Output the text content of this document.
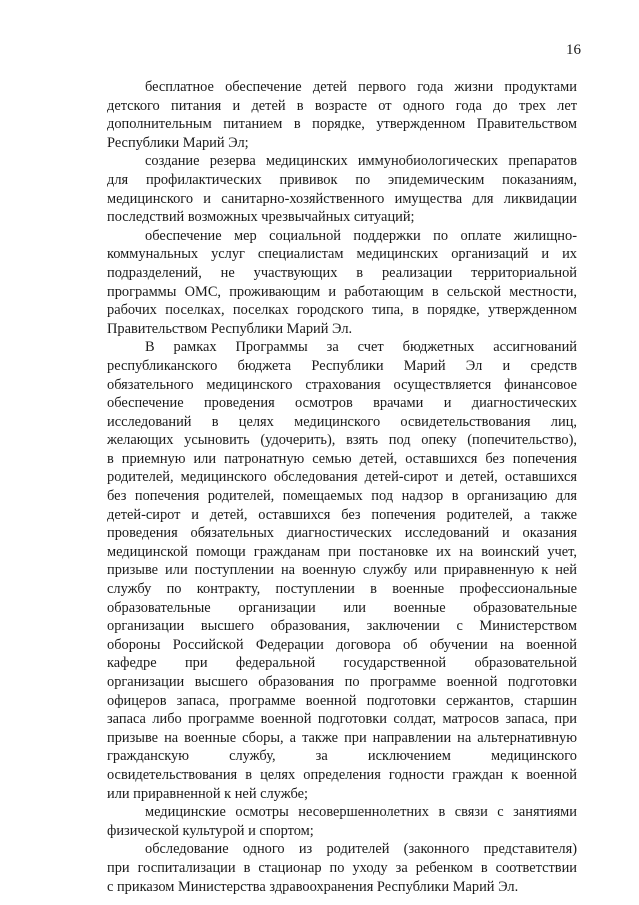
16
бесплатное обеспечение детей первого года жизни продуктами
детского питания и детей в возрасте от одного года до трех лет
дополнительным питанием в порядке, утвержденном Правительством
Республики Марий Эл;
создание резерва медицинских иммунобиологических препаратов
для профилактических прививок по эпидемическим показаниям,
медицинского и санитарно-хозяйственного имущества для ликвидации
последствий возможных чрезвычайных ситуаций;
обеспечение мер социальной поддержки по оплате жилищно-
коммунальных услуг специалистам медицинских организаций и их
подразделений, не участвующих в реализации территориальной
программы ОМС, проживающим и работающим в сельской местности,
рабочих поселках, поселках городского типа, в порядке, утвержденном
Правительством Республики Марий Эл.
В рамках Программы за счет бюджетных ассигнований
республиканского бюджета Республики Марий Эл и средств
обязательного медицинского страхования осуществляется финансовое
обеспечение проведения осмотров врачами и диагностических
исследований в целях медицинского освидетельствования лиц,
желающих усыновить (удочерить), взять под опеку (попечительство),
в приемную или патронатную семью детей, оставшихся без попечения
родителей, медицинского обследования детей-сирот и детей, оставшихся
без попечения родителей, помещаемых под надзор в организацию для
детей-сирот и детей, оставшихся без попечения родителей, а также
проведения обязательных диагностических исследований и оказания
медицинской помощи гражданам при постановке их на воинский учет,
призыве или поступлении на военную службу или приравненную к ней
службу по контракту, поступлении в военные профессиональные
образовательные организации или военные образовательные
организации высшего образования, заключении с Министерством
обороны Российской Федерации договора об обучении на военной
кафедре при федеральной государственной образовательной
организации высшего образования по программе военной подготовки
офицеров запаса, программе военной подготовки сержантов, старшин
запаса либо программе военной подготовки солдат, матросов запаса, при
призыве на военные сборы, а также при направлении на альтернативную
гражданскую службу, за исключением медицинского
освидетельствования в целях определения годности граждан к военной
или приравненной к ней службе;
медицинские осмотры несовершеннолетних в связи с занятиями
физической культурой и спортом;
обследование одного из родителей (законного представителя)
при госпитализации в стационар по уходу за ребенком в соответствии
с приказом Министерства здравоохранения Республики Марий Эл.
